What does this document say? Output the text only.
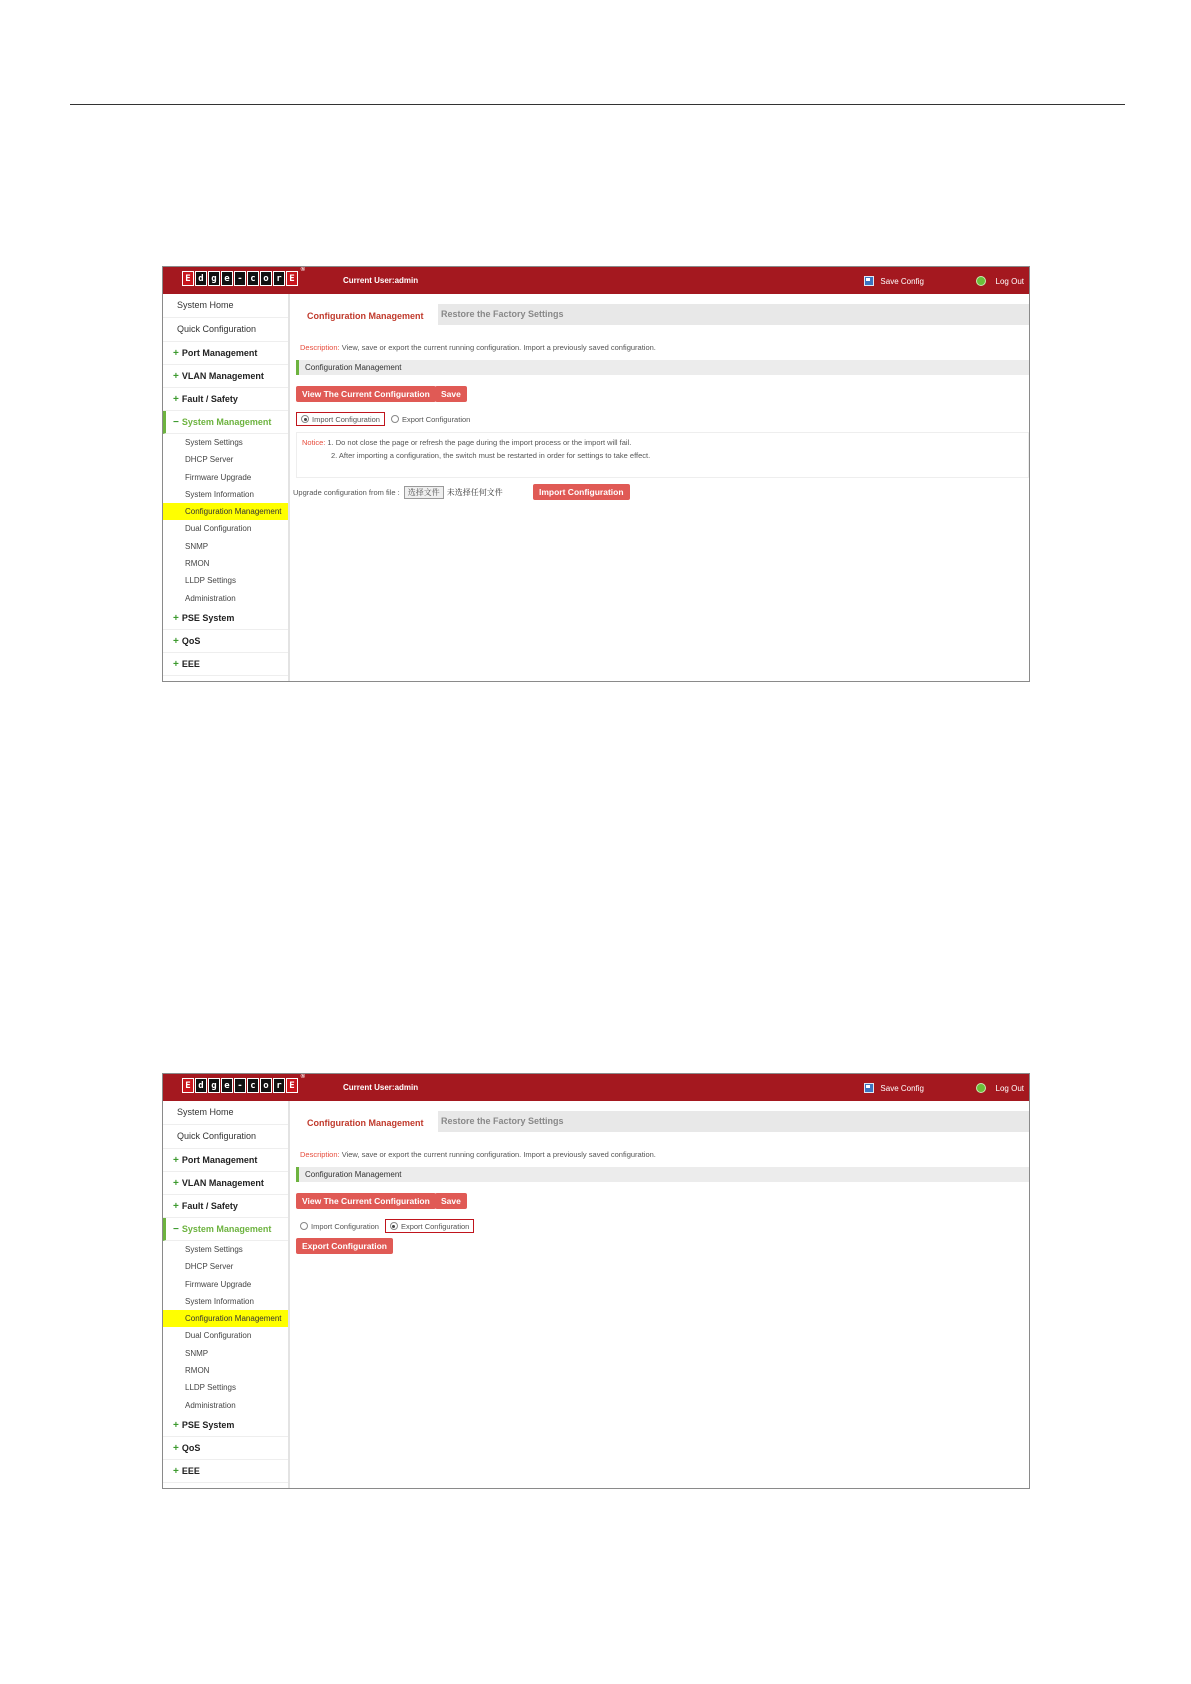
E d g e - c o r E
®
Current User:admin	Save Config	Log Out
System Home
Quick Configuration
+ Port Management
+ VLAN Management
+ Fault / Safety
− System Management
System Settings
DHCP Server
Firmware Upgrade
System Information
Configuration Management
Dual Configuration
SNMP
RMON
LLDP Settings
Administration
+ PSE System
+ QoS
+ EEE
Configuration Management	Restore the Factory Settings
Description: View, save or export the current running configuration. Import a previously saved configuration.
Configuration Management
View The Current Configuration	Save
Import Configuration	Export Configuration
Notice: 1. Do not close the page or refresh the page during the import process or the import will fail.
2. After importing a configuration, the switch must be restarted in order for settings to take effect.
Upgrade configuration from file :	选择文件 未选择任何文件	Import Configuration
E d g e - c o r E
®
Current User:admin	Save Config	Log Out
System Home
Quick Configuration
+ Port Management
+ VLAN Management
+ Fault / Safety
− System Management
System Settings
DHCP Server
Firmware Upgrade
System Information
Configuration Management
Dual Configuration
SNMP
RMON
LLDP Settings
Administration
+ PSE System
+ QoS
+ EEE
Configuration Management	Restore the Factory Settings
Description: View, save or export the current running configuration. Import a previously saved configuration.
Configuration Management
View The Current Configuration	Save
Import Configuration	Export Configuration
Export Configuration
